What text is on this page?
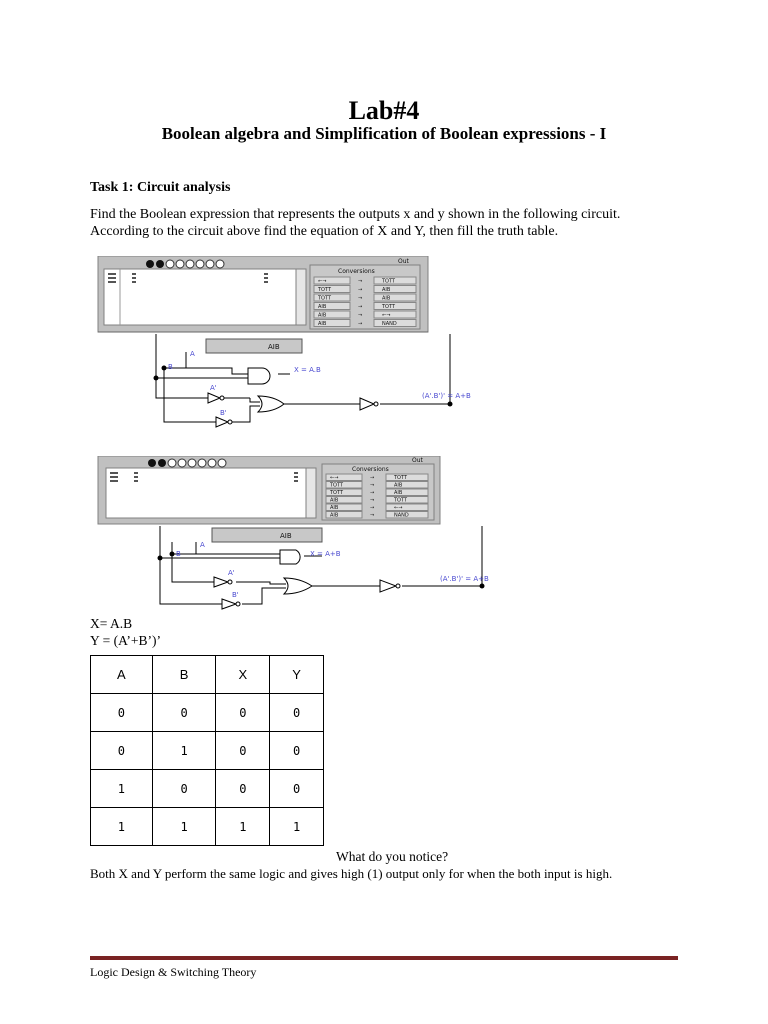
Lab#4
Boolean algebra and Simplification of Boolean expressions - I
Task 1: Circuit analysis
Find the Boolean expression that represents the outputs x and y shown in the following circuit.
According to the circuit above find the equation of X and Y, then fill the truth table.
Conversions
Out
←→	→	TOTT
TOTT	→	AIB
TOTT	→	AIB
AIB	→	TOTT
AIB	→	←→
AIB	→	NAND
AIB
A
B
A'
B'
X = A.B
(A'.B')' = A+B
Conversions
Out
←→	→	TOTT
TOTT	→	AIB
TOTT	→	AIB
AIB	→	TOTT
AIB	→	←→
AIB	→	NAND
AIB
A
B
A'
B'
X = A+B
(A'.B')' = A+B
X= A.B
Y = (A’+B’)’
A	B	X	Y
0	0	0	0
0	1	0	0
1	0	0	0
1	1	1	1
What do you notice?
Both X and Y perform the same logic and gives high (1) output only for when the both input is high.
Logic Design & Switching Theory
